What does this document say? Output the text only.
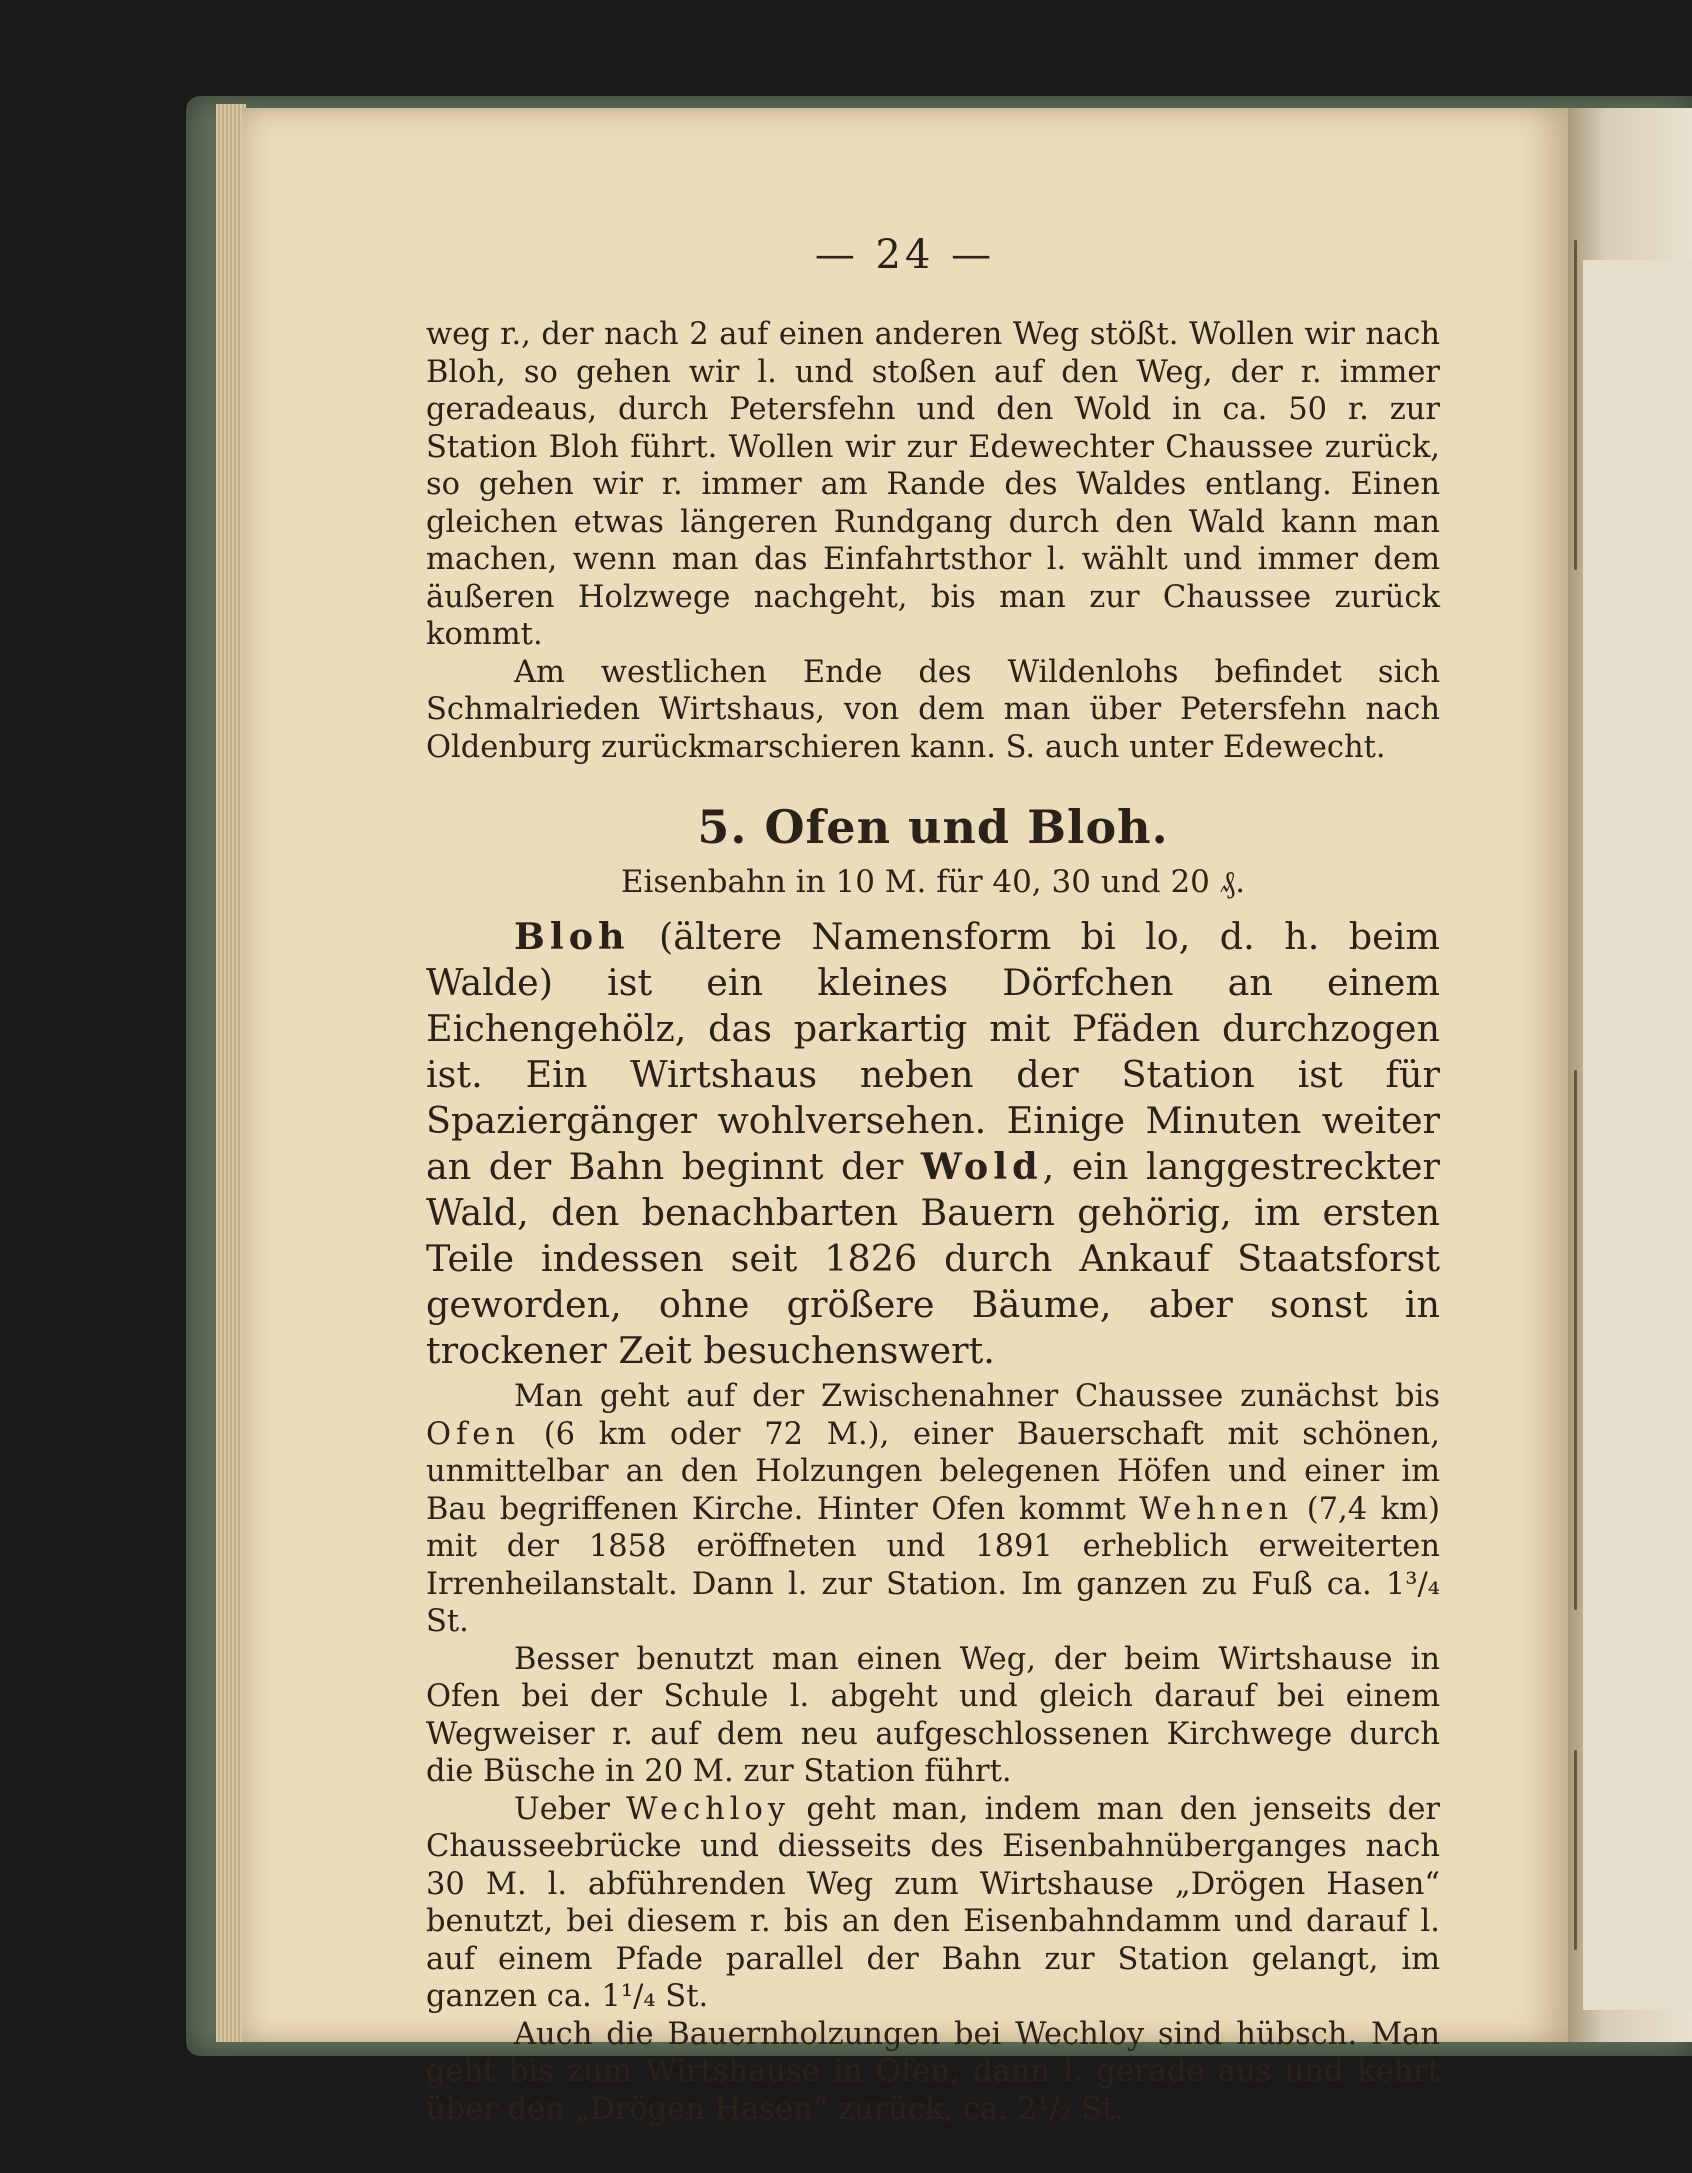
— 24 —

weg r., der nach 2 auf einen anderen Weg stößt. Wollen wir nach Bloh, so gehen wir l. und stoßen auf den Weg, der r. immer geradeaus, durch Petersfehn und den Wold in ca. 50 r. zur Station Bloh führt. Wollen wir zur Edewechter Chaussee zurück, so gehen wir r. immer am Rande des Waldes entlang. Einen gleichen etwas längeren Rundgang durch den Wald kann man machen, wenn man das Einfahrtsthor l. wählt und immer dem äußeren Holzwege nachgeht, bis man zur Chaussee zurück kommt.

Am westlichen Ende des Wildenlohs befindet sich Schmalrieden Wirtshaus, von dem man über Petersfehn nach Oldenburg zurückmarschieren kann. S. auch unter Edewecht.

5. Ofen und Bloh.
Eisenbahn in 10 M. für 40, 30 und 20 ₰.

Bloh (ältere Namensform bi lo, d. h. beim Walde) ist ein kleines Dörfchen an einem Eichengehölz, das parkartig mit Pfäden durchzogen ist. Ein Wirtshaus neben der Station ist für Spaziergänger wohlversehen. Einige Minuten weiter an der Bahn beginnt der Wold, ein langgestreckter Wald, den benachbarten Bauern gehörig, im ersten Teile indessen seit 1826 durch Ankauf Staatsforst geworden, ohne größere Bäume, aber sonst in trockener Zeit besuchenswert.

Man geht auf der Zwischenahner Chaussee zunächst bis Ofen (6 km oder 72 M.), einer Bauerschaft mit schönen, unmittelbar an den Holzungen belegenen Höfen und einer im Bau begriffenen Kirche. Hinter Ofen kommt Wehnen (7,4 km) mit der 1858 eröffneten und 1891 erheblich erweiterten Irrenheilanstalt. Dann l. zur Station. Im ganzen zu Fuß ca. 1³/₄ St.

Besser benutzt man einen Weg, der beim Wirtshause in Ofen bei der Schule l. abgeht und gleich darauf bei einem Wegweiser r. auf dem neu aufgeschlossenen Kirchwege durch die Büsche in 20 M. zur Station führt.

Ueber Wechloy geht man, indem man den jenseits der Chausseebrücke und diesseits des Eisenbahnüberganges nach 30 M. l. abführenden Weg zum Wirtshause „Drögen Hasen“ benutzt, bei diesem r. bis an den Eisenbahndamm und darauf l. auf einem Pfade parallel der Bahn zur Station gelangt, im ganzen ca. 1¹/₄ St.

Auch die Bauernholzungen bei Wechloy sind hübsch. Man geht bis zum Wirtshause in Ofen, dann l. gerade aus und kehrt über den „Drögen Hasen“ zurück, ca. 2¹/₂ St.
